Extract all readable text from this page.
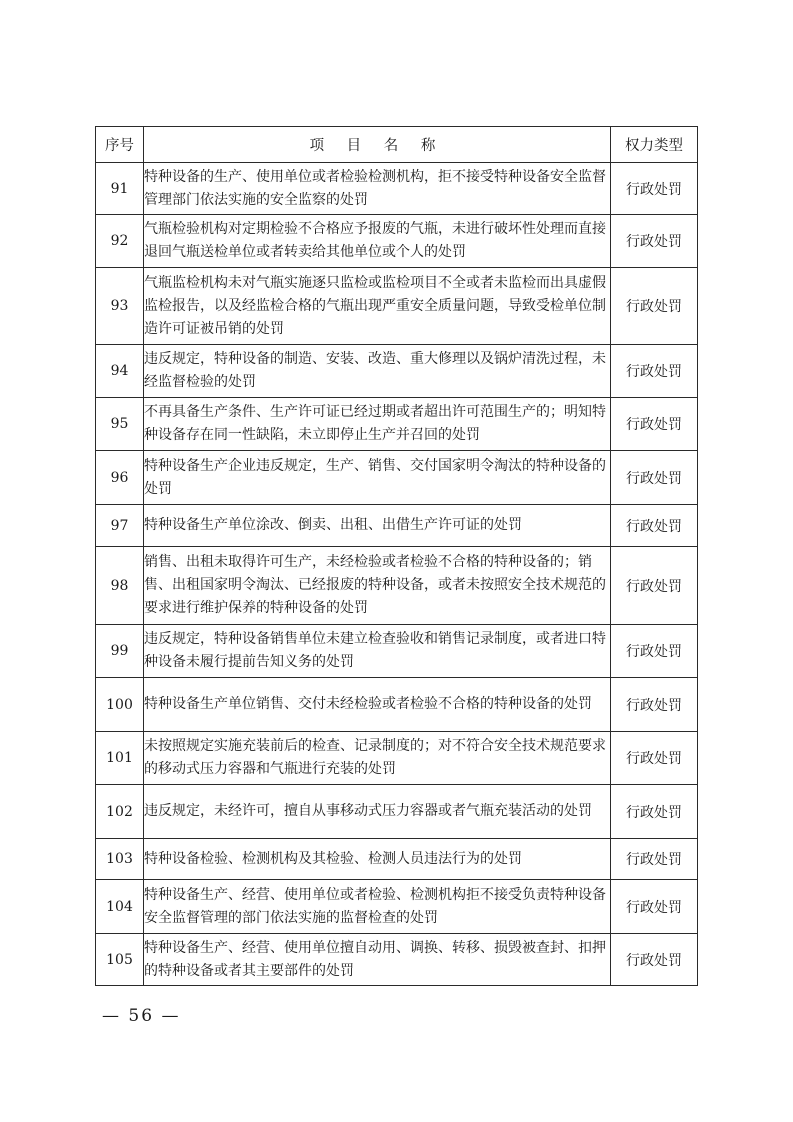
序号	项 目 名 称	权力类型
91	特种设备的生产、使用单位或者检验检测机构，拒不接受特种设备安全监督管理部门依法实施的安全监察的处罚	行政处罚
92	气瓶检验机构对定期检验不合格应予报废的气瓶，未进行破坏性处理而直接退回气瓶送检单位或者转卖给其他单位或个人的处罚	行政处罚
93	气瓶监检机构未对气瓶实施逐只监检或监检项目不全或者未监检而出具虚假监检报告，以及经监检合格的气瓶出现严重安全质量问题，导致受检单位制造许可证被吊销的处罚	行政处罚
94	违反规定，特种设备的制造、安装、改造、重大修理以及锅炉清洗过程，未经监督检验的处罚	行政处罚
95	不再具备生产条件、生产许可证已经过期或者超出许可范围生产的；明知特种设备存在同一性缺陷，未立即停止生产并召回的处罚	行政处罚
96	特种设备生产企业违反规定，生产、销售、交付国家明令淘汰的特种设备的处罚	行政处罚
97	特种设备生产单位涂改、倒卖、出租、出借生产许可证的处罚	行政处罚
98	销售、出租未取得许可生产，未经检验或者检验不合格的特种设备的；销售、出租国家明令淘汰、已经报废的特种设备，或者未按照安全技术规范的要求进行维护保养的特种设备的处罚	行政处罚
99	违反规定，特种设备销售单位未建立检查验收和销售记录制度，或者进口特种设备未履行提前告知义务的处罚	行政处罚
100	特种设备生产单位销售、交付未经检验或者检验不合格的特种设备的处罚	行政处罚
101	未按照规定实施充装前后的检查、记录制度的；对不符合安全技术规范要求的移动式压力容器和气瓶进行充装的处罚	行政处罚
102	违反规定，未经许可，擅自从事移动式压力容器或者气瓶充装活动的处罚	行政处罚
103	特种设备检验、检测机构及其检验、检测人员违法行为的处罚	行政处罚
104	特种设备生产、经营、使用单位或者检验、检测机构拒不接受负责特种设备安全监督管理的部门依法实施的监督检查的处罚	行政处罚
105	特种设备生产、经营、使用单位擅自动用、调换、转移、损毁被查封、扣押的特种设备或者其主要部件的处罚	行政处罚
— 56 —
